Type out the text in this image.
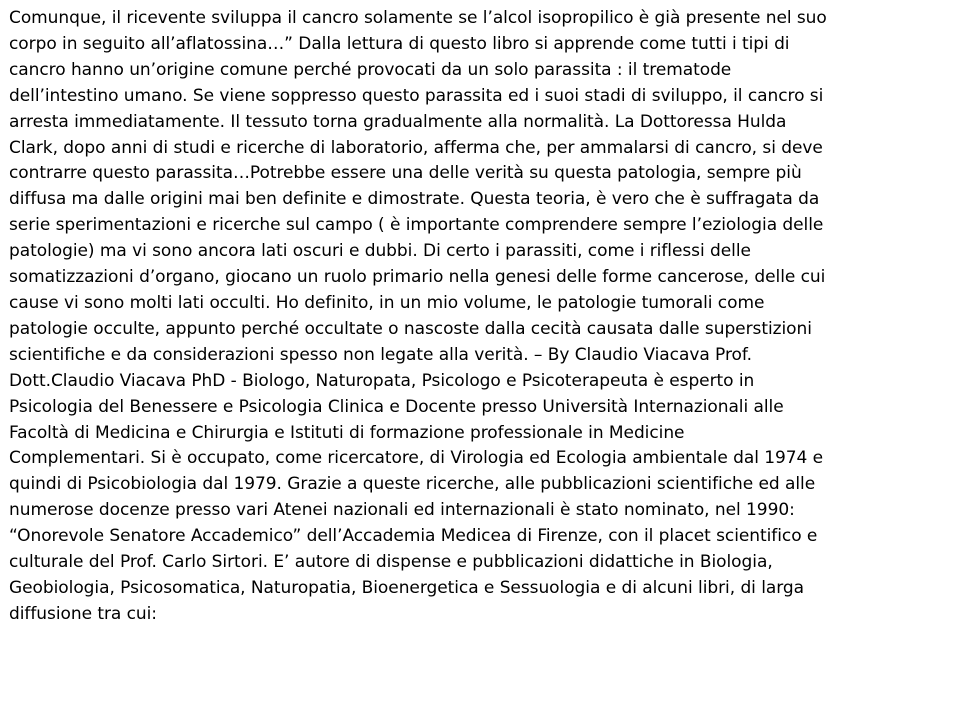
Comunque, il ricevente sviluppa il cancro solamente se l’alcol isopropilico è già presente nel suo
corpo in seguito all’aflatossina…” Dalla lettura di questo libro si apprende come tutti i tipi di
cancro hanno un’origine comune perché provocati da un solo parassita : il trematode
dell’intestino umano. Se viene soppresso questo parassita ed i suoi stadi di sviluppo, il cancro si
arresta immediatamente. Il tessuto torna gradualmente alla normalità. La Dottoressa Hulda
Clark, dopo anni di studi e ricerche di laboratorio, afferma che, per ammalarsi di cancro, si deve
contrarre questo parassita…Potrebbe essere una delle verità su questa patologia, sempre più
diffusa ma dalle origini mai ben definite e dimostrate. Questa teoria, è vero che è suffragata da
serie sperimentazioni e ricerche sul campo ( è importante comprendere sempre l’eziologia delle
patologie) ma vi sono ancora lati oscuri e dubbi. Di certo i parassiti, come i riflessi delle
somatizzazioni d’organo, giocano un ruolo primario nella genesi delle forme cancerose, delle cui
cause vi sono molti lati occulti. Ho definito, in un mio volume, le patologie tumorali come
patologie occulte, appunto perché occultate o nascoste dalla cecità causata dalle superstizioni
scientifiche e da considerazioni spesso non legate alla verità. – By Claudio Viacava Prof.
Dott.Claudio Viacava PhD - Biologo, Naturopata, Psicologo e Psicoterapeuta è esperto in
Psicologia del Benessere e Psicologia Clinica e Docente presso Università Internazionali alle
Facoltà di Medicina e Chirurgia e Istituti di formazione professionale in Medicine
Complementari. Si è occupato, come ricercatore, di Virologia ed Ecologia ambientale dal 1974 e
quindi di Psicobiologia dal 1979. Grazie a queste ricerche, alle pubblicazioni scientifiche ed alle
numerose docenze presso vari Atenei nazionali ed internazionali è stato nominato, nel 1990:
“Onorevole Senatore Accademico” dell’Accademia Medicea di Firenze, con il placet scientifico e
culturale del Prof. Carlo Sirtori. E’ autore di dispense e pubblicazioni didattiche in Biologia,
Geobiologia, Psicosomatica, Naturopatia, Bioenergetica e Sessuologia e di alcuni libri, di larga
diffusione tra cui:
